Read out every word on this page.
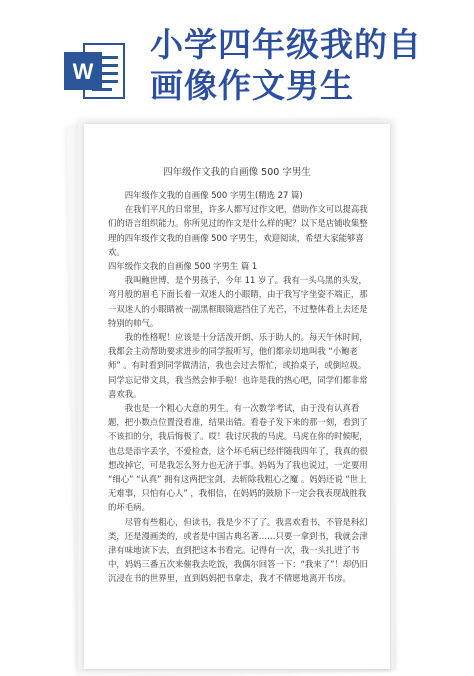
W
小学四年级我的自
画像作文男生
四年级作文我的自画像 500 字男生

四年级作文我的自画像 500 字男生(精选 27 篇)

在我们平凡的日常里，许多人都写过作文吧，借助作文可以提高我们的语言组织能力。你所见过的作文是什么样的呢？以下是店铺收集整理的四年级作文我的自画像 500 字男生，欢迎阅读，希望大家能够喜欢。

四年级作文我的自画像 500 字男生 篇 1

我叫鲍世博，是个男孩子，今年 11 岁了。我有一头乌黑的头发，弯月般的眉毛下面长着一双迷人的小眼睛，由于我写字坐姿不端正，那一双迷人的小眼睛被一副黑框眼镜遮挡住了光芒，不过整体看上去还是特别的帅气。

我的性格呢！应该是十分活泼开朗、乐于助人的。每天午休时间，我都会主动帮助要求进步的同学报听写，他们都亲切地叫我 “小鲍老师” 。有时看到同学做清洁，我也会过去帮忙，或抬桌子，或倒垃圾。同学忘记带文具，我当然会伸手啦！也许是我的热心吧，同学们都非常喜欢我。

我也是一个粗心大意的男生。有一次数学考试，由于没有认真看题，把小数点位置没看准，结果出错。看卷子发下来的那一刻，看到了不该扣的分，我后悔极了。哎！我讨厌我的马虎。马虎在你的时候呢，也总是添字丢字，不爱检查，这个坏毛病已经伴随我四年了，我真的很想改掉它，可是我怎么努力也无济于事。妈妈为了我也说过，一定要用 “细心” “认真” 拥有这两把宝剑，去斩除我粗心之魔 。妈妈还说 “世上无难事，只怕有心人” ，我相信，在妈妈的鼓励下一定会我表现战胜我的坏毛病。

尽管有些粗心，但读书，我是少不了了。我喜欢看书，不管是科幻类，还是漫画类的，或者是中国古典名著……只要一拿到书，我就会津津有味地读下去，直到把这本书看完。记得有一次，我一头扎进了书中，妈妈三番五次来催我去吃饭，我偶尔回答一下：“我来了”！却仍旧沉浸在书的世界里，直到妈妈把书拿走，我才不情愿地离开书房。
